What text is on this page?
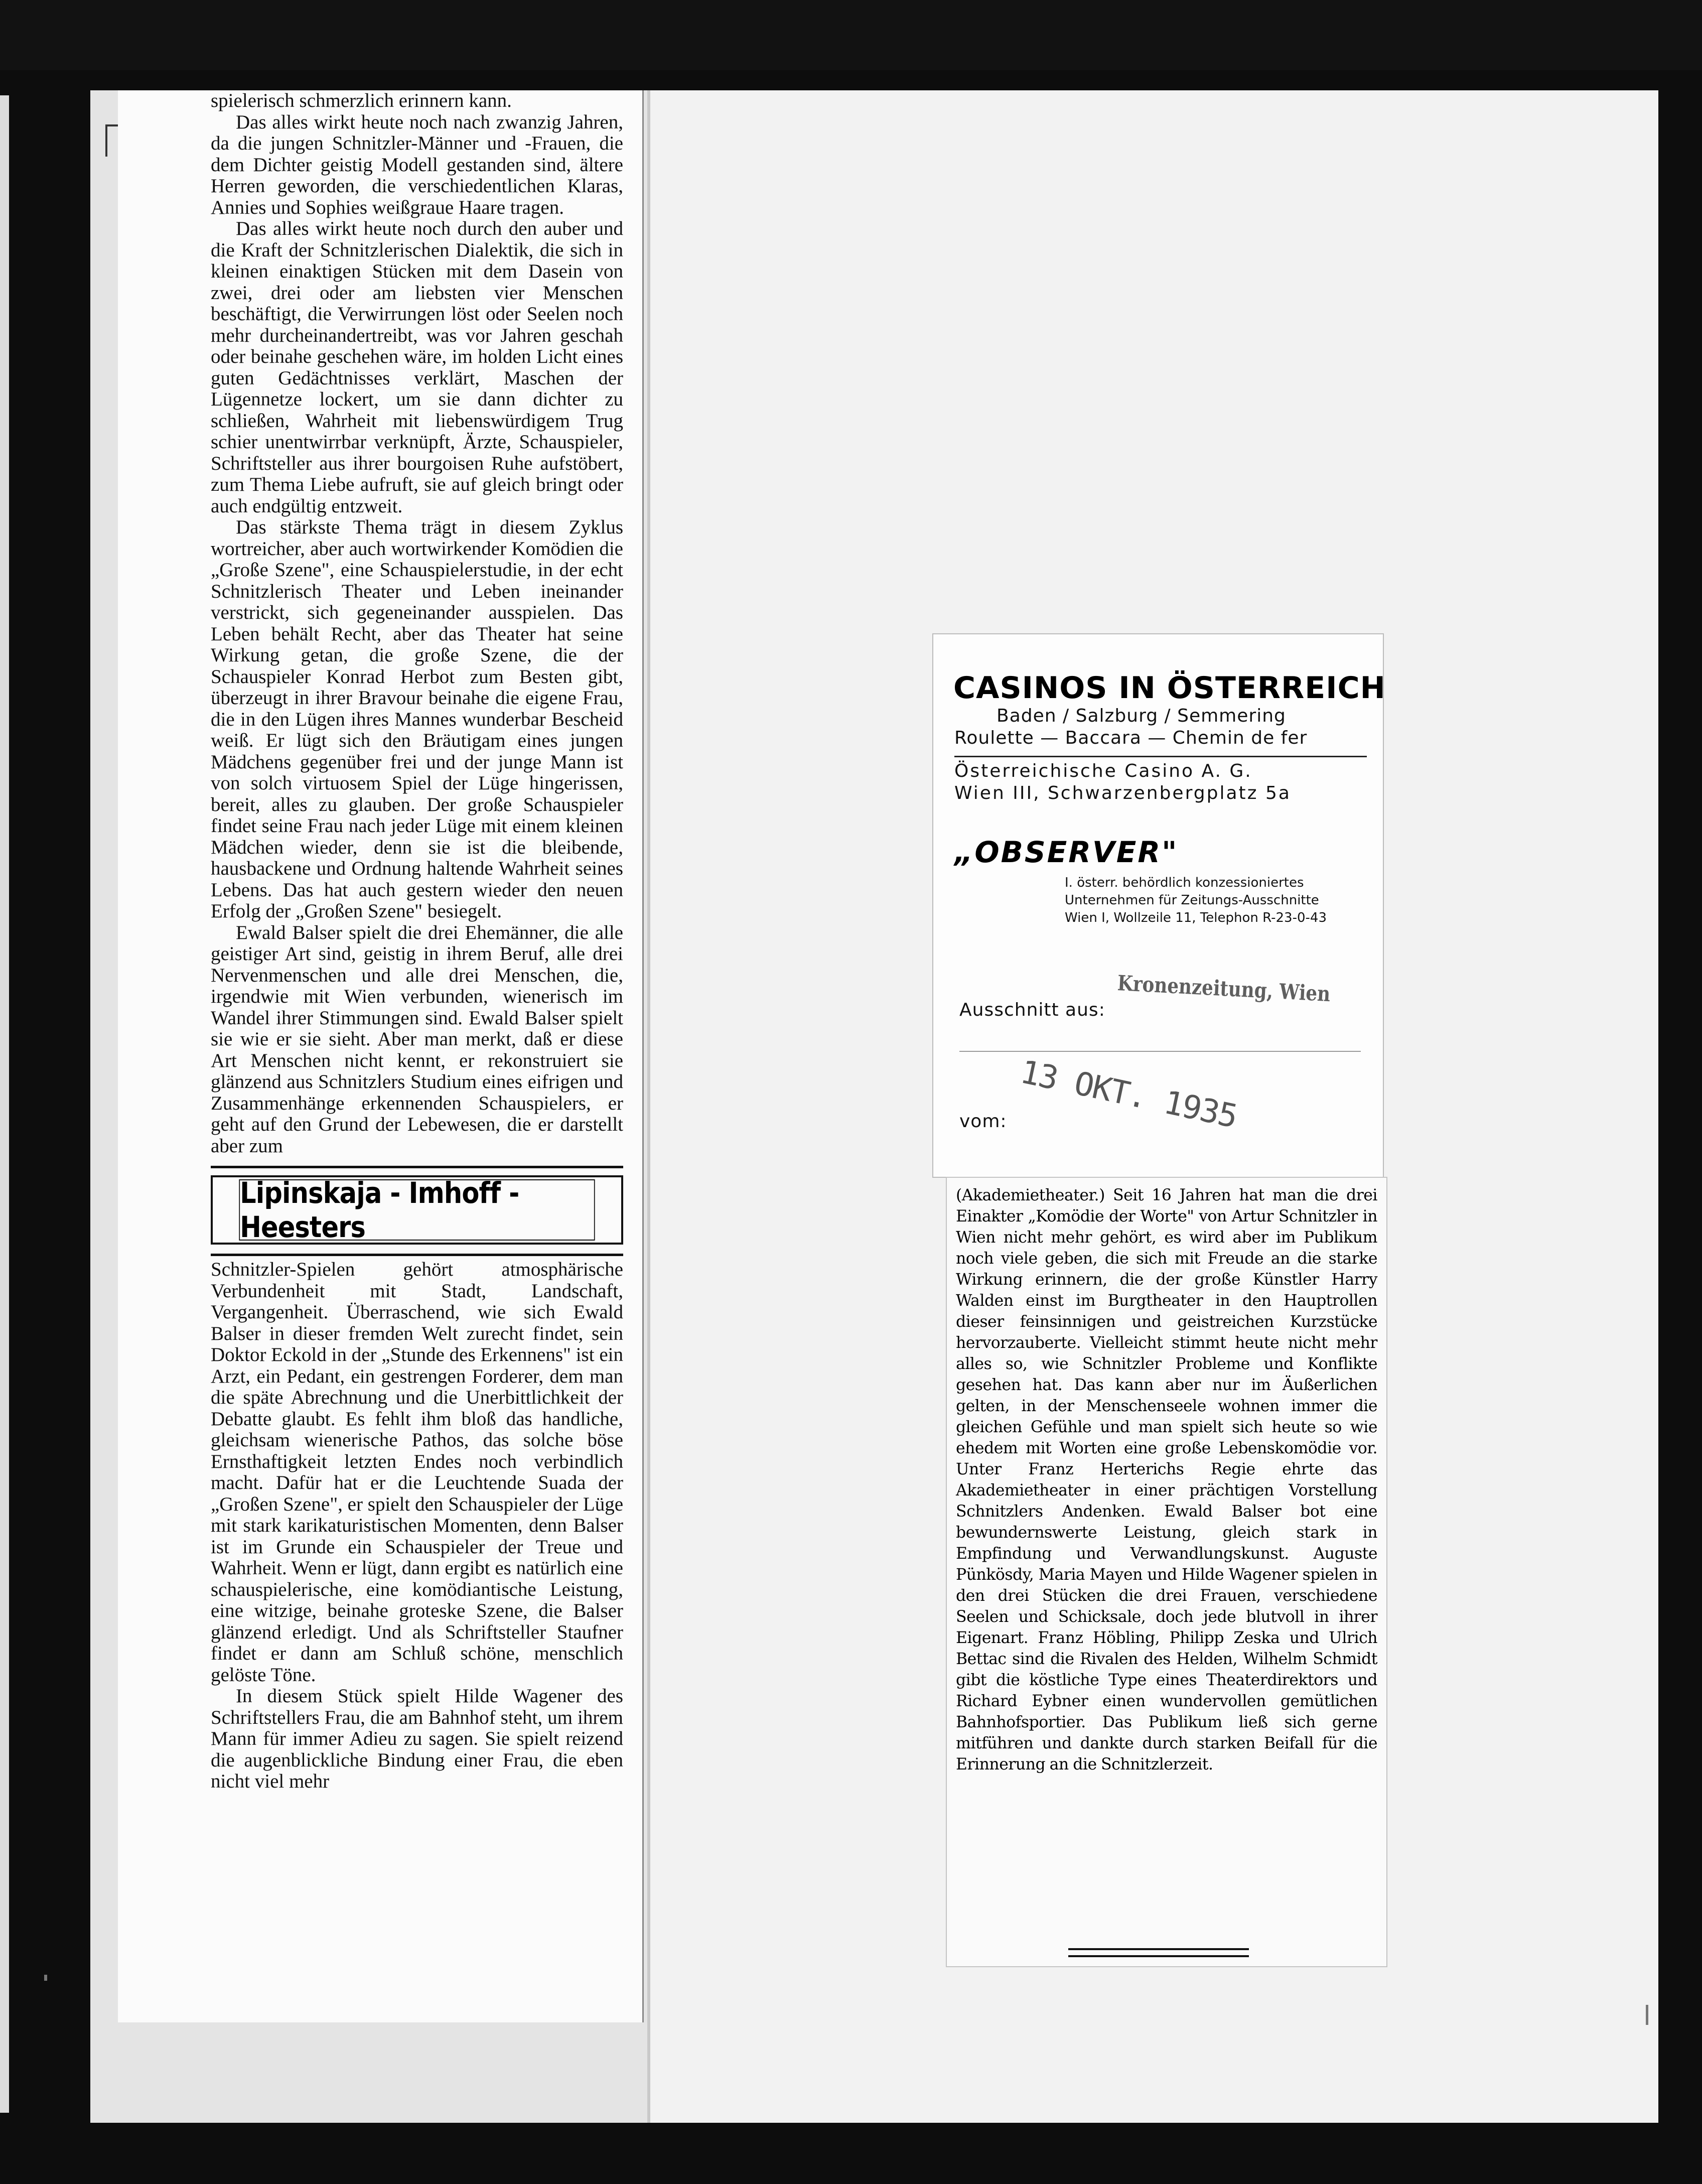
spielerisch schmerzlich erinnern kann.

Das alles wirkt heute noch nach zwanzig Jahren, da die jungen Schnitzler-Männer und -Frauen, die dem Dichter geistig Modell gestanden sind, ältere Herren geworden, die verschiedentlichen Klaras, Annies und Sophies weißgraue Haare tragen.

Das alles wirkt heute noch durch den auber und die Kraft der Schnitzlerischen Dialektik, die sich in kleinen einaktigen Stücken mit dem Dasein von zwei, drei oder am liebsten vier Menschen beschäftigt, die Verwirrungen löst oder Seelen noch mehr durcheinandertreibt, was vor Jahren geschah oder beinahe geschehen wäre, im holden Licht eines guten Gedächtnisses verklärt, Maschen der Lügennetze lockert, um sie dann dichter zu schließen, Wahrheit mit liebenswürdigem Trug schier unentwirrbar verknüpft, Ärzte, Schauspieler, Schriftsteller aus ihrer bourgoisen Ruhe aufstöbert, zum Thema Liebe aufruft, sie auf gleich bringt oder auch endgültig entzweit.

Das stärkste Thema trägt in diesem Zyklus wortreicher, aber auch wortwirkender Komödien die „Große Szene", eine Schauspielerstudie, in der echt Schnitzlerisch Theater und Leben ineinander verstrickt, sich gegeneinander ausspielen. Das Leben behält Recht, aber das Theater hat seine Wirkung getan, die große Szene, die der Schauspieler Konrad Herbot zum Besten gibt, überzeugt in ihrer Bravour beinahe die eigene Frau, die in den Lügen ihres Mannes wunderbar Bescheid weiß. Er lügt sich den Bräutigam eines jungen Mädchens gegenüber frei und der junge Mann ist von solch virtuosem Spiel der Lüge hingerissen, bereit, alles zu glauben. Der große Schauspieler findet seine Frau nach jeder Lüge mit einem kleinen Mädchen wieder, denn sie ist die bleibende, hausbackene und Ordnung haltende Wahrheit seines Lebens. Das hat auch gestern wieder den neuen Erfolg der „Großen Szene" besiegelt.

Ewald Balser spielt die drei Ehemänner, die alle geistiger Art sind, geistig in ihrem Beruf, alle drei Nervenmenschen und alle drei Menschen, die, irgendwie mit Wien verbunden, wienerisch im Wandel ihrer Stimmungen sind. Ewald Balser spielt sie wie er sie sieht. Aber man merkt, daß er diese Art Menschen nicht kennt, er rekonstruiert sie glänzend aus Schnitzlers Studium eines eifrigen und Zusammenhänge erkennenden Schauspielers, er geht auf den Grund der Lebewesen, die er darstellt aber zum

Lipinskaja - Imhoff - Heesters

Schnitzler-Spielen gehört atmosphärische Verbundenheit mit Stadt, Landschaft, Vergangenheit. Überraschend, wie sich Ewald Balser in dieser fremden Welt zurecht findet, sein Doktor Eckold in der „Stunde des Erkennens" ist ein Arzt, ein Pedant, ein gestrengen Forderer, dem man die späte Abrechnung und die Unerbittlichkeit der Debatte glaubt. Es fehlt ihm bloß das handliche, gleichsam wienerische Pathos, das solche böse Ernsthaftigkeit letzten Endes noch verbindlich macht. Dafür hat er die Leuchtende Suada der „Großen Szene", er spielt den Schauspieler der Lüge mit stark karikaturistischen Momenten, denn Balser ist im Grunde ein Schauspieler der Treue und Wahrheit. Wenn er lügt, dann ergibt es natürlich eine schauspielerische, eine komödiantische Leistung, eine witzige, beinahe groteske Szene, die Balser glänzend erledigt. Und als Schriftsteller Staufner findet er dann am Schluß schöne, menschlich gelöste Töne.

In diesem Stück spielt Hilde Wagener des Schriftstellers Frau, die am Bahnhof steht, um ihrem Mann für immer Adieu zu sagen. Sie spielt reizend die augenblickliche Bindung einer Frau, die eben nicht viel mehr

CASINOS IN ÖSTERREICH
Baden / Salzburg / Semmering
Roulette — Baccara — Chemin de fer
Österreichische Casino A. G.
Wien III, Schwarzenbergplatz 5a
„OBSERVER"
I. österr. behördlich konzessioniertes
Unternehmen für Zeitungs-Ausschnitte
Wien I, Wollzeile 11, Telephon R-23-0-43
Kronenzeitung, Wien
Ausschnitt aus:
13 OKT. 1935
vom:
(Akademietheater.) Seit 16 Jahren hat man die drei Einakter „Komödie der Worte" von Artur Schnitzler in Wien nicht mehr gehört, es wird aber im Publikum noch viele geben, die sich mit Freude an die starke Wirkung erinnern, die der große Künstler Harry Walden einst im Burgtheater in den Hauptrollen dieser feinsinnigen und geistreichen Kurzstücke hervorzauberte. Vielleicht stimmt heute nicht mehr alles so, wie Schnitzler Probleme und Konflikte gesehen hat. Das kann aber nur im Äußerlichen gelten, in der Menschenseele wohnen immer die gleichen Gefühle und man spielt sich heute so wie ehedem mit Worten eine große Lebenskomödie vor. Unter Franz Herterichs Regie ehrte das Akademietheater in einer prächtigen Vorstellung Schnitzlers Andenken. Ewald Balser bot eine bewundernswerte Leistung, gleich stark in Empfindung und Verwandlungskunst. Auguste Pünkösdy, Maria Mayen und Hilde Wagener spielen in den drei Stücken die drei Frauen, verschiedene Seelen und Schicksale, doch jede blutvoll in ihrer Eigenart. Franz Höbling, Philipp Zeska und Ulrich Bettac sind die Rivalen des Helden, Wilhelm Schmidt gibt die köstliche Type eines Theaterdirektors und Richard Eybner einen wundervollen gemütlichen Bahnhofsportier. Das Publikum ließ sich gerne mitführen und dankte durch starken Beifall für die Erinnerung an die Schnitzlerzeit.
